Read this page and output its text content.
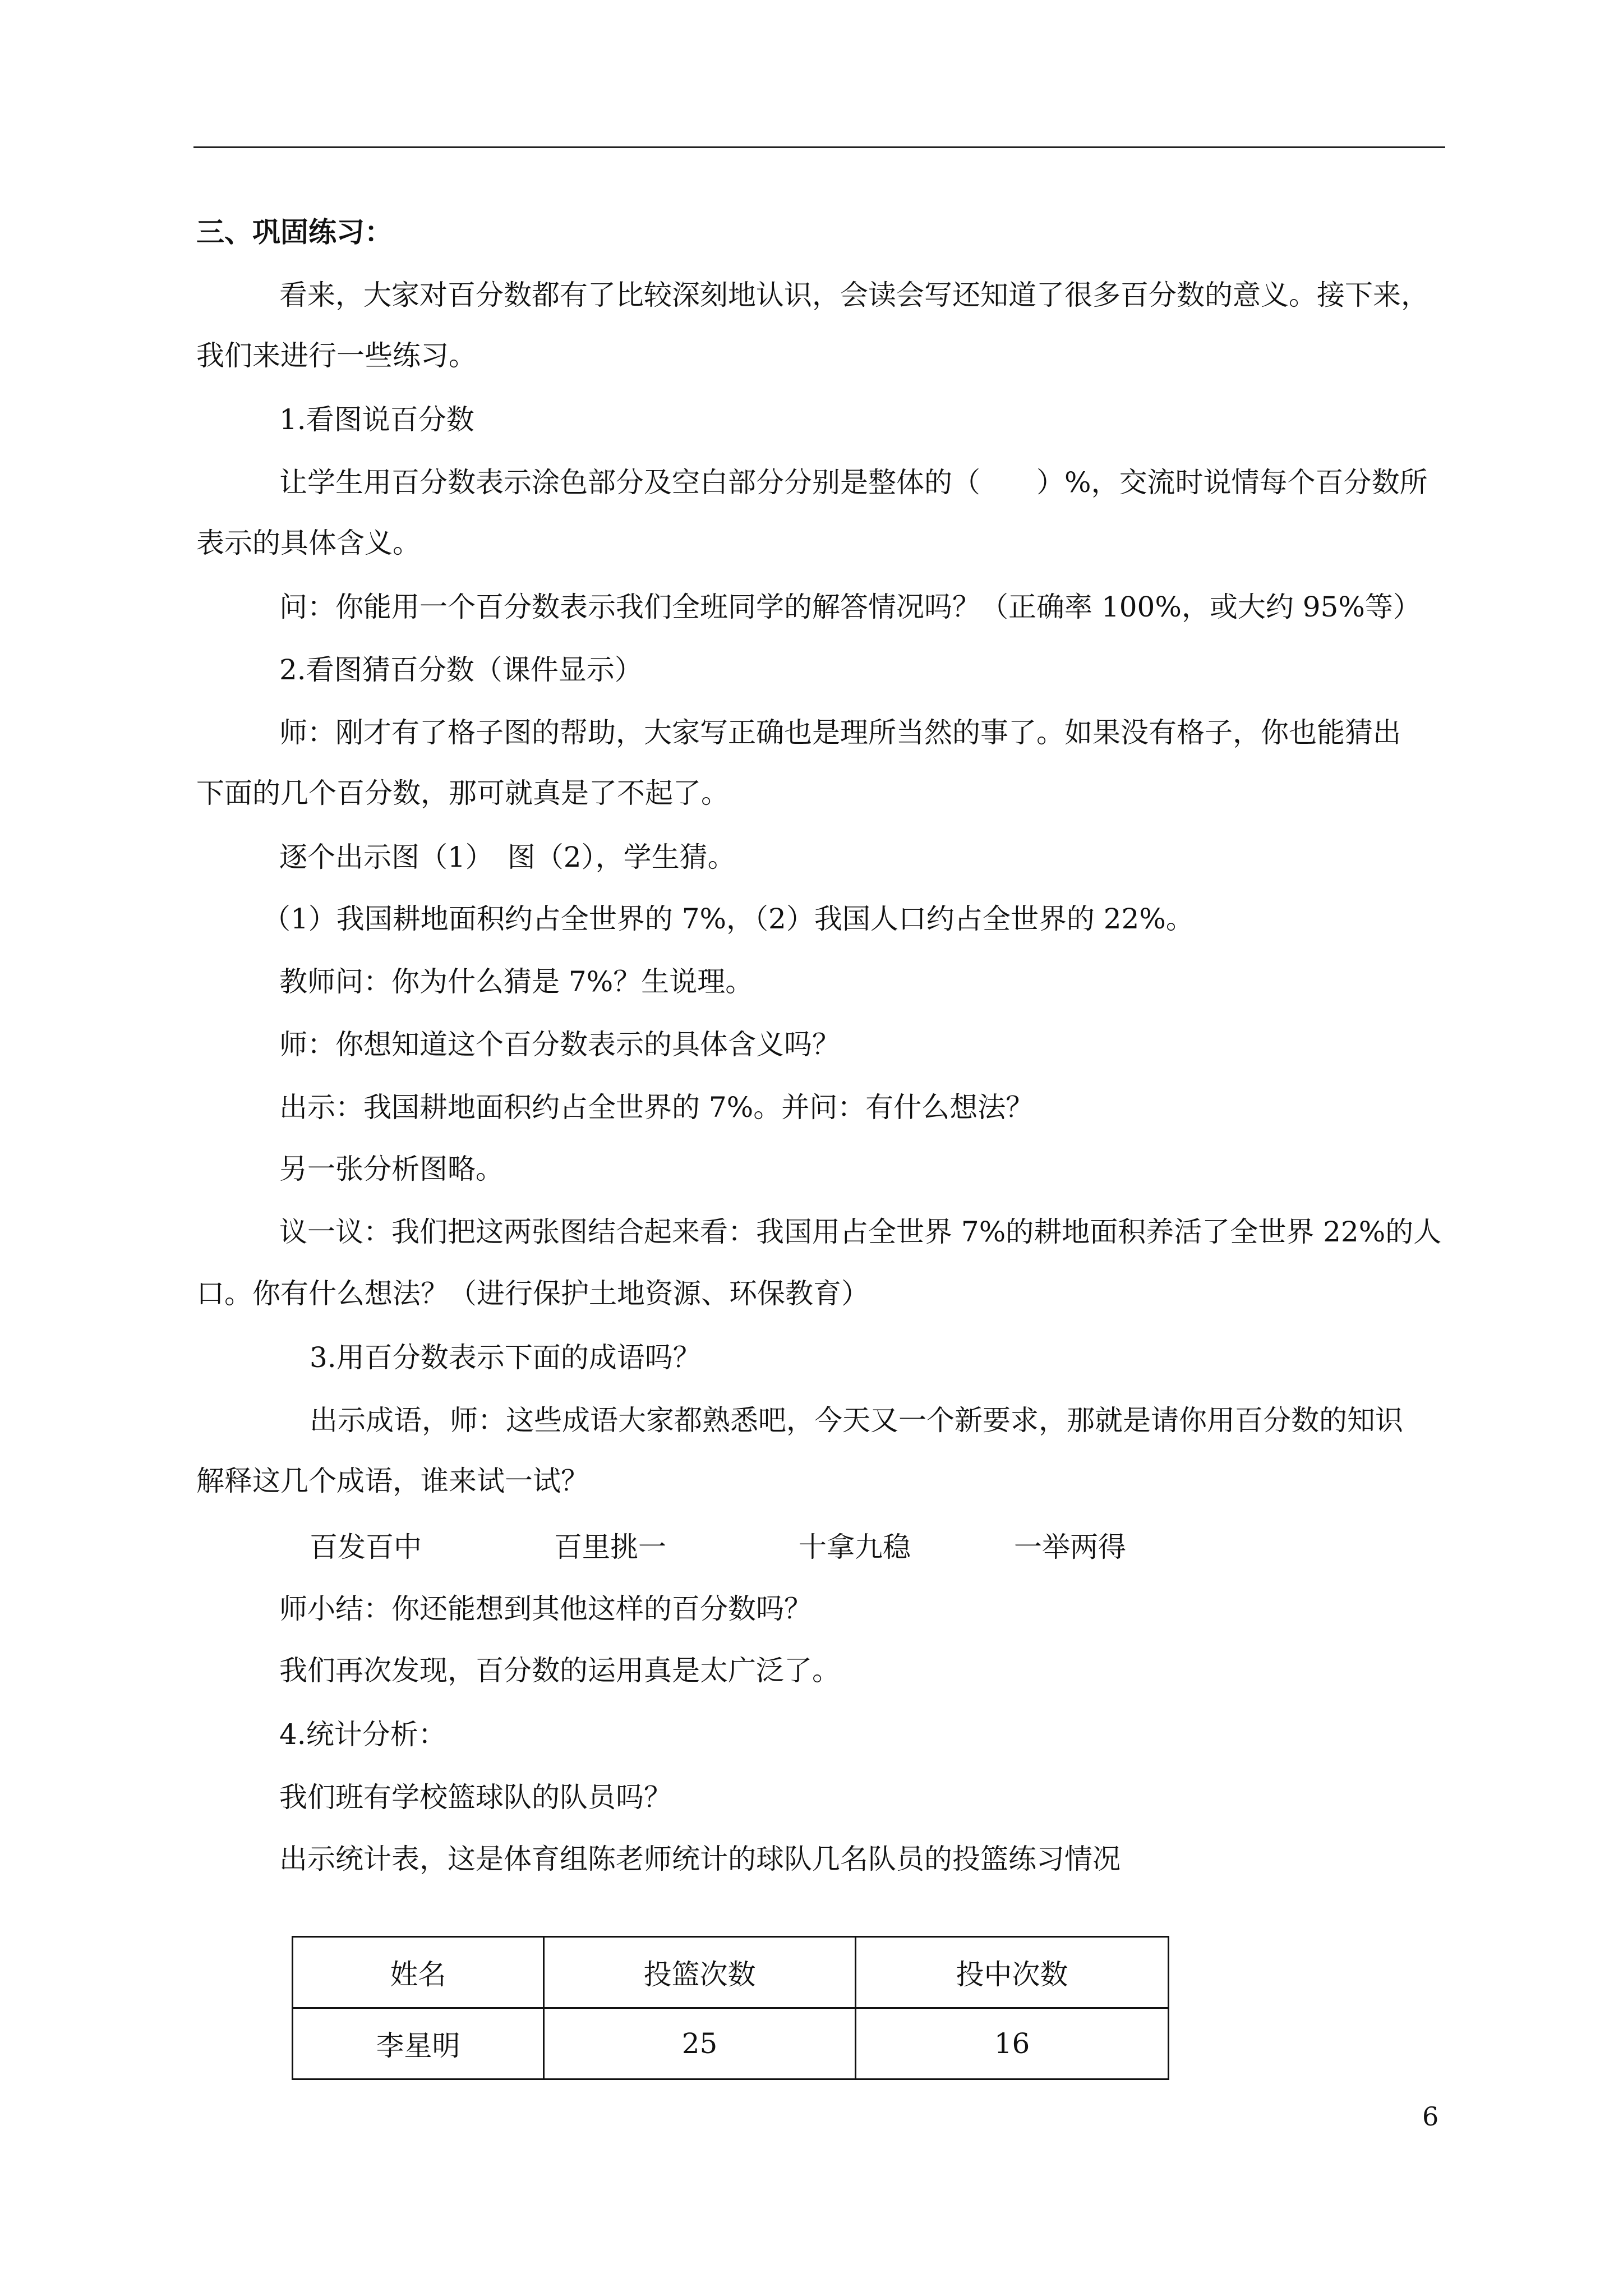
三、巩固练习：
看来，大家对百分数都有了比较深刻地认识，会读会写还知道了很多百分数的意义。接下来，
我们来进行一些练习。
1.看图说百分数
让学生用百分数表示涂色部分及空白部分分别是整体的（　　）%，交流时说情每个百分数所
表示的具体含义。
问：你能用一个百分数表示我们全班同学的解答情况吗？（正确率 100%，或大约 95%等）
2.看图猜百分数（课件显示）
师：刚才有了格子图的帮助，大家写正确也是理所当然的事了。如果没有格子，你也能猜出
下面的几个百分数，那可就真是了不起了。
逐个出示图（1）　图（2），学生猜。
（1）我国耕地面积约占全世界的 7%，（2）我国人口约占全世界的 22%。
教师问：你为什么猜是 7%？生说理。
师：你想知道这个百分数表示的具体含义吗？
出示：我国耕地面积约占全世界的 7%。并问：有什么想法？
另一张分析图略。
议一议：我们把这两张图结合起来看：我国用占全世界 7%的耕地面积养活了全世界 22%的人
口。你有什么想法？（进行保护土地资源、环保教育）
3.用百分数表示下面的成语吗？
出示成语，师：这些成语大家都熟悉吧，今天又一个新要求，那就是请你用百分数的知识
解释这几个成语，谁来试一试？
百发百中	百里挑一	十拿九稳	一举两得
师小结：你还能想到其他这样的百分数吗？
我们再次发现，百分数的运用真是太广泛了。
4.统计分析：
我们班有学校篮球队的队员吗？
出示统计表，这是体育组陈老师统计的球队几名队员的投篮练习情况
姓名	投篮次数	投中次数
李星明	25	16
6
